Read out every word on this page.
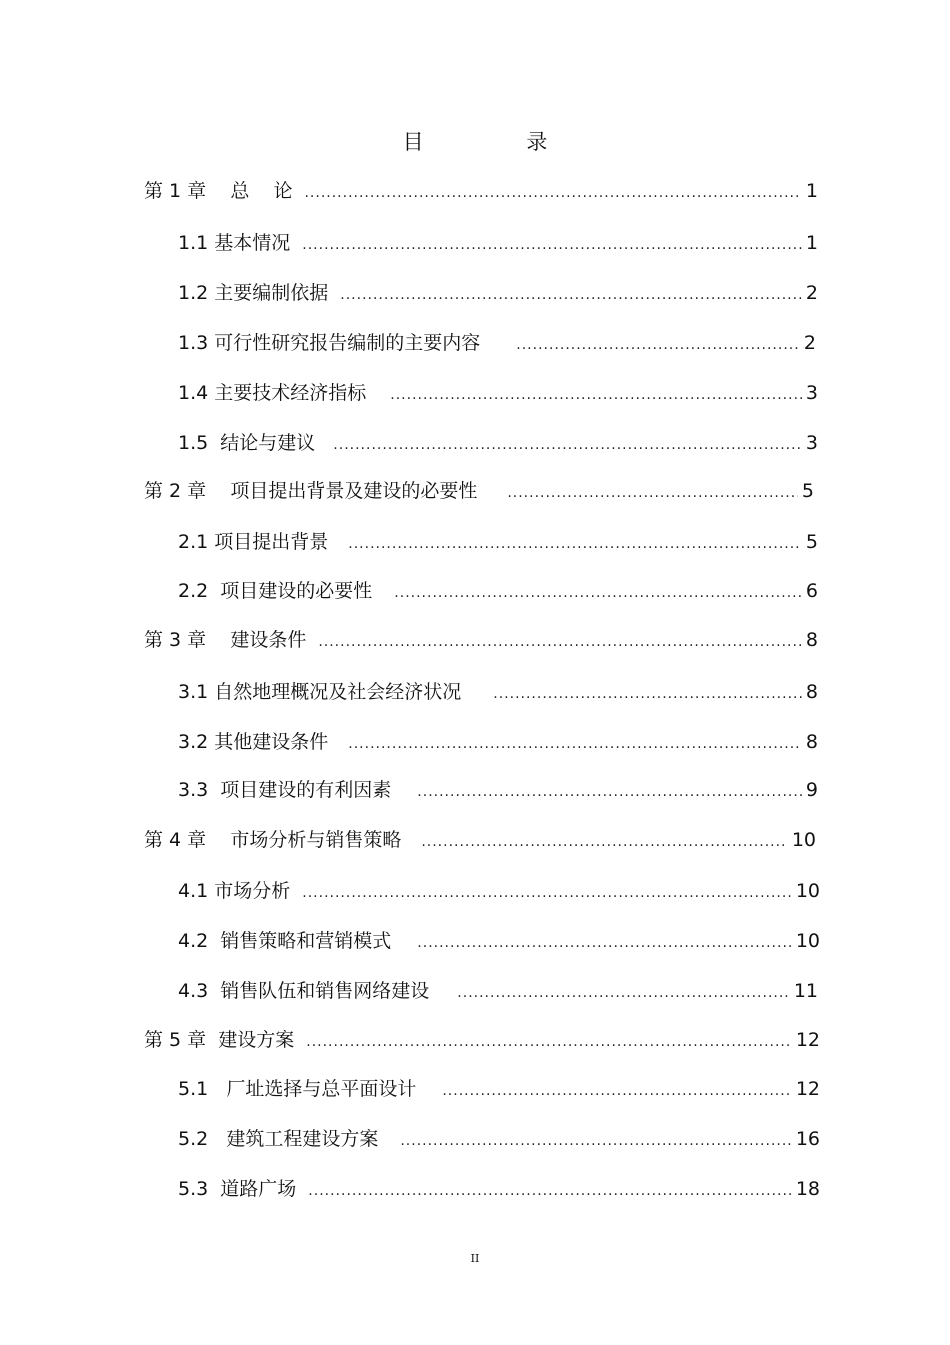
目 录
第 1 章    总    论 .....	1
1.1 基本情况 .....	1
1.2 主要编制依据 .....	2
1.3 可行性研究报告编制的主要内容 .....	2
1.4 主要技术经济指标 .....	3
1.5  结论与建议 .....	3
第 2 章    项目提出背景及建设的必要性 .....	5
2.1 项目提出背景 .....	5
2.2  项目建设的必要性 .....	6
第 3 章    建设条件 .....	8
3.1 自然地理概况及社会经济状况 .....	8
3.2 其他建设条件 .....	8
3.3  项目建设的有利因素 .....	9
第 4 章    市场分析与销售策略 .....	10
4.1 市场分析 .....	10
4.2  销售策略和营销模式 .....	10
4.3  销售队伍和销售网络建设 .....	11
第 5 章  建设方案 .....	12
5.1   厂址选择与总平面设计 .....	12
5.2   建筑工程建设方案 .....	16
5.3  道路广场 .....	18
II
